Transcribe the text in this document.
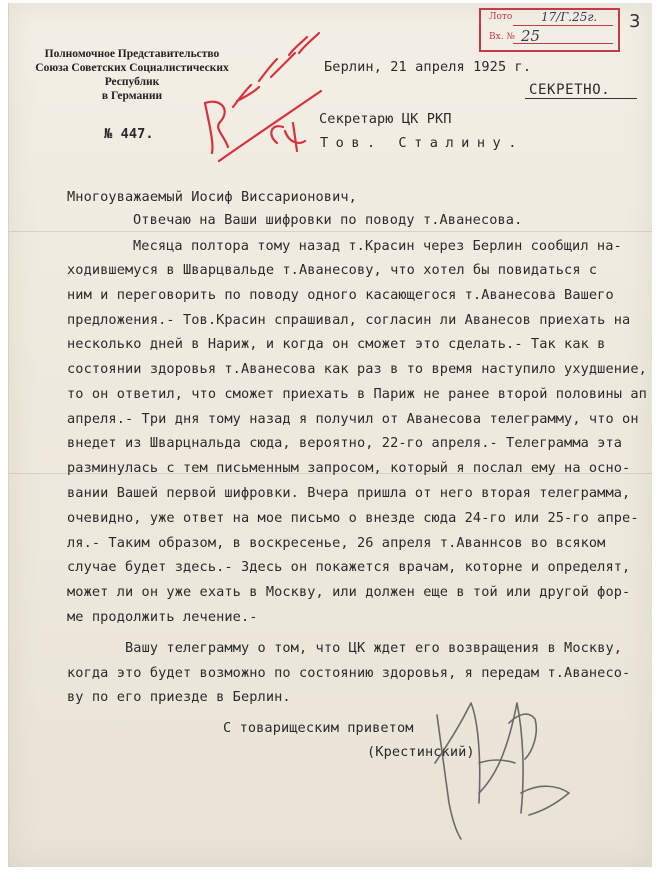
Полномочное Представительство
Союза Советских Социалистических
Республик
в Германии
№ 447.
Лото 17/Г.25г.
Вх. № 25
3
Берлин, 21 апреля 1925 г.
СЕКРЕТНО.
Секретарю ЦК РКП
Тов. Сталину.
Многоуважаемый Иосиф Виссарионович,
Отвечаю на Ваши шифровки по поводу т.Аванесова.
Месяца полтора тому назад т.Красин через Берлин сообщил на-
ходившемуся в Шварцвальде т.Аванесову, что хотел бы повидаться с
ним и переговорить по поводу одного касающегося т.Аванесова Вашего
предложения.- Тов.Красин спрашивал, согласин ли Аванесов приехать на
несколько дней в Нариж, и когда он сможет это сделать.- Так как в
состоянии здоровья т.Аванесова как раз в то время наступило ухудшение,
то он ответил, что сможет приехать в Париж не ранее второй половины ап
апреля.- Три дня тому назад я получил от Аванесова телеграмму, что он
внедет из Шварцнальда сюда, вероятно, 22-го апреля.- Телеграмма эта
разминулась с тем письменным запросом, который я послал ему на осно-
вании Вашей первой шифровки. Вчера пришла от него вторая телеграмма,
очевидно, уже ответ на мое письмо о внезде сюда 24-го или 25-го апре-
ля.- Таким образом, в воскресенье, 26 апреля т.Аваннсов во всяком
случае будет здесь.- Здесь он покажется врачам, которне и определят,
может ли он уже ехать в Москву, или должен еще в той или другой фор-
ме продолжить лечение.-
Вашу телеграмму о том, что ЦК ждет его возвращения в Москву,
когда это будет возможно по состоянию здоровья, я передам т.Аванесо-
ву по его приезде в Берлин.
С товарищеским приветом
(Крестинский)
